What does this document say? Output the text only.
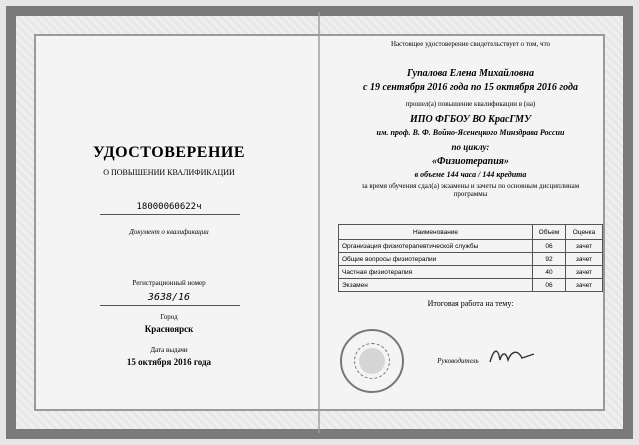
УДОСТОВЕРЕНИЕ
О ПОВЫШЕНИИ КВАЛИФИКАЦИИ
18000060622ч
Документ о квалификации
Регистрационный номер
3638/16
Город
Красноярск
Дата выдачи
15 октября 2016 года
Настоящее удостоверение свидетельствует о том, что
Гупалова Елена Михайловна
с 19 сентября 2016 года по 15 октября 2016 года
прошел(а) повышение квалификации в (на)
ИПО ФГБОУ ВО КрасГМУ
им. проф. В. Ф. Войно-Ясенецкого Минздрава России
по циклу:
«Физиотерапия»
в объеме 144 часа / 144 кредита
за время обучения сдал(а) экзамены и зачеты по основным дисциплинам программы
Наименование	Объем	Оценка
Организация физиотерапевтической службы	06	зачет
Общие вопросы физиотерапии	92	зачет
Частная физиотерапия	40	зачет
Экзамен	06	зачет
Итоговая работа на тему:
Руководитель
